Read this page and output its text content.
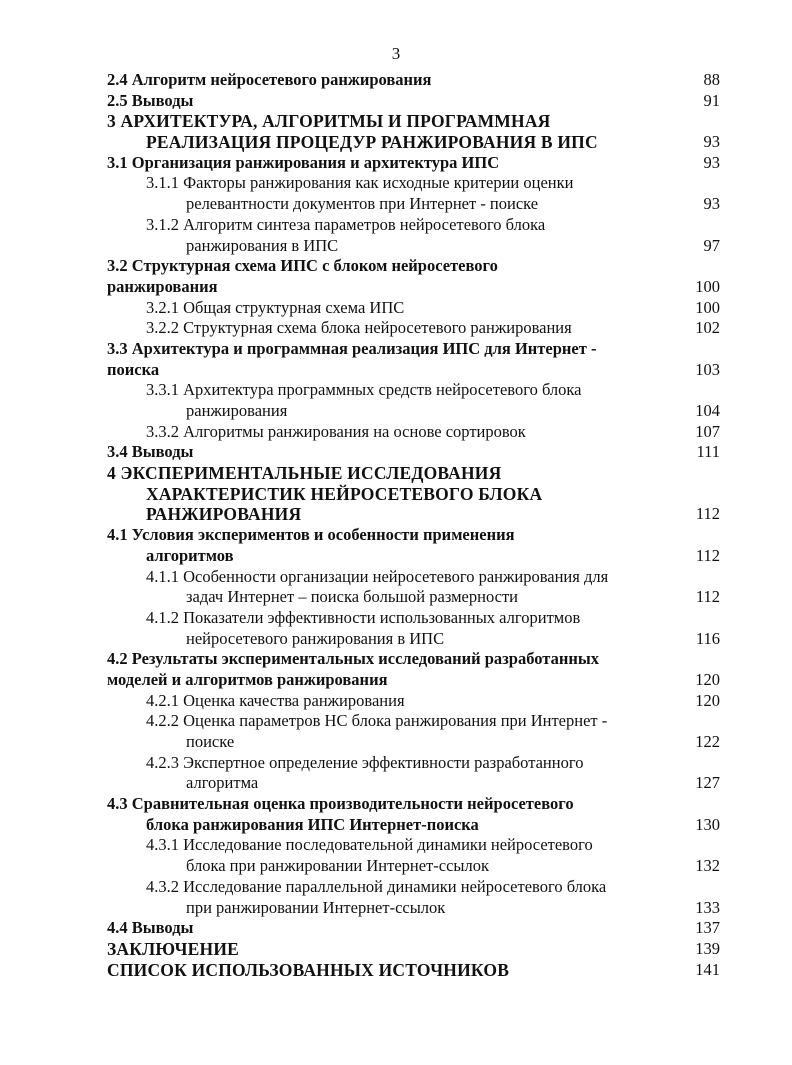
3
2.4 Алгоритм нейросетевого ранжирования	88
2.5 Выводы	91
3 АРХИТЕКТУРА, АЛГОРИТМЫ И ПРОГРАММНАЯ
РЕАЛИЗАЦИЯ ПРОЦЕДУР РАНЖИРОВАНИЯ В ИПС	93
3.1 Организация ранжирования и архитектура ИПС	93
3.1.1 Факторы ранжирования как исходные критерии оценки
релевантности документов при Интернет - поиске	93
3.1.2 Алгоритм синтеза параметров нейросетевого блока
ранжирования в ИПС	97
3.2 Структурная схема ИПС с блоком нейросетевого
ранжирования	100
3.2.1 Общая структурная схема ИПС	100
3.2.2 Структурная схема блока нейросетевого ранжирования	102
3.3 Архитектура и программная реализация ИПС для Интернет -
поиска	103
3.3.1 Архитектура программных средств нейросетевого блока
ранжирования	104
3.3.2 Алгоритмы ранжирования на основе сортировок	107
3.4 Выводы	111
4 ЭКСПЕРИМЕНТАЛЬНЫЕ ИССЛЕДОВАНИЯ
ХАРАКТЕРИСТИК НЕЙРОСЕТЕВОГО БЛОКА
РАНЖИРОВАНИЯ	112
4.1 Условия экспериментов и особенности применения
алгоритмов	112
4.1.1 Особенности организации нейросетевого ранжирования для
задач Интернет – поиска большой размерности	112
4.1.2 Показатели эффективности использованных алгоритмов
нейросетевого ранжирования в ИПС	116
4.2 Результаты экспериментальных исследований разработанных
моделей и алгоритмов ранжирования	120
4.2.1 Оценка качества ранжирования	120
4.2.2 Оценка параметров НС блока ранжирования при Интернет -
поиске	122
4.2.3 Экспертное определение эффективности разработанного
алгоритма	127
4.3 Сравнительная оценка производительности нейросетевого
блока ранжирования ИПС Интернет-поиска	130
4.3.1 Исследование последовательной динамики нейросетевого
блока при ранжировании Интернет-ссылок	132
4.3.2 Исследование параллельной динамики нейросетевого блока
при ранжировании Интернет-ссылок	133
4.4 Выводы	137
ЗАКЛЮЧЕНИЕ	139
СПИСОК ИСПОЛЬЗОВАННЫХ ИСТОЧНИКОВ	141
